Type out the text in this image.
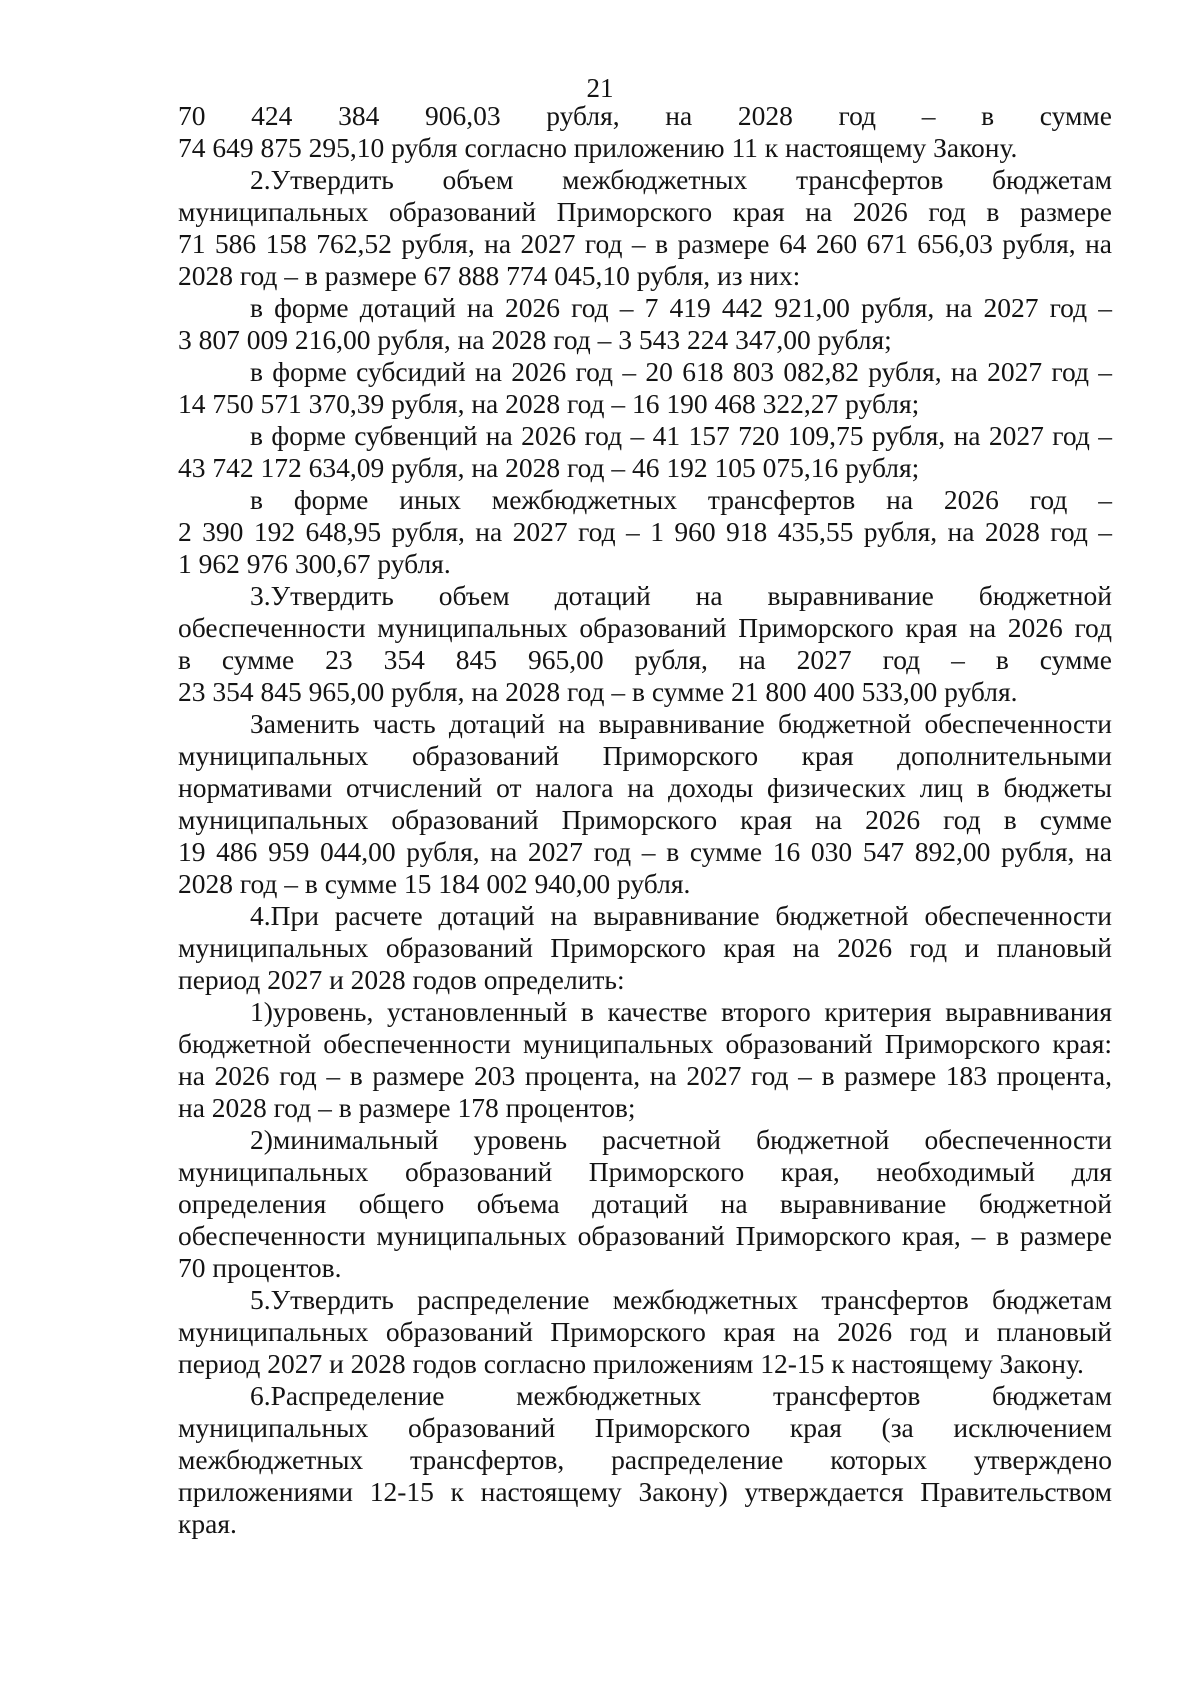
21
70 424 384 906,03 рубля, на 2028 год – в сумме
74 649 875 295,10 рубля согласно приложению 11 к настоящему Закону.
2.Утвердить объем межбюджетных трансфертов бюджетам
муниципальных образований Приморского края на 2026 год в размере
71 586 158 762,52 рубля, на 2027 год – в размере 64 260 671 656,03 рубля, на
2028 год – в размере 67 888 774 045,10 рубля, из них:
в форме дотаций на 2026 год – 7 419 442 921,00 рубля, на 2027 год –
3 807 009 216,00 рубля, на 2028 год – 3 543 224 347,00 рубля;
в форме субсидий на 2026 год – 20 618 803 082,82 рубля, на 2027 год –
14 750 571 370,39 рубля, на 2028 год – 16 190 468 322,27 рубля;
в форме субвенций на 2026 год – 41 157 720 109,75 рубля, на 2027 год –
43 742 172 634,09 рубля, на 2028 год – 46 192 105 075,16 рубля;
в форме иных межбюджетных трансфертов на 2026 год –
2 390 192 648,95 рубля, на 2027 год – 1 960 918 435,55 рубля, на 2028 год –
1 962 976 300,67 рубля.
3.Утвердить объем дотаций на выравнивание бюджетной
обеспеченности муниципальных образований Приморского края на 2026 год
в сумме 23 354 845 965,00 рубля, на 2027 год – в сумме
23 354 845 965,00 рубля, на 2028 год – в сумме 21 800 400 533,00 рубля.
Заменить часть дотаций на выравнивание бюджетной обеспеченности
муниципальных образований Приморского края дополнительными
нормативами отчислений от налога на доходы физических лиц в бюджеты
муниципальных образований Приморского края на 2026 год в сумме
19 486 959 044,00 рубля, на 2027 год – в сумме 16 030 547 892,00 рубля, на
2028 год – в сумме 15 184 002 940,00 рубля.
4.При расчете дотаций на выравнивание бюджетной обеспеченности
муниципальных образований Приморского края на 2026 год и плановый
период 2027 и 2028 годов определить:
1)уровень, установленный в качестве второго критерия выравнивания
бюджетной обеспеченности муниципальных образований Приморского края:
на 2026 год – в размере 203 процента, на 2027 год – в размере 183 процента,
на 2028 год – в размере 178 процентов;
2)минимальный уровень расчетной бюджетной обеспеченности
муниципальных образований Приморского края, необходимый для
определения общего объема дотаций на выравнивание бюджетной
обеспеченности муниципальных образований Приморского края, – в размере
70 процентов.
5.Утвердить распределение межбюджетных трансфертов бюджетам
муниципальных образований Приморского края на 2026 год и плановый
период 2027 и 2028 годов согласно приложениям 12-15 к настоящему Закону.
6.Распределение межбюджетных трансфертов бюджетам
муниципальных образований Приморского края (за исключением
межбюджетных трансфертов, распределение которых утверждено
приложениями 12-15 к настоящему Закону) утверждается Правительством
края.
